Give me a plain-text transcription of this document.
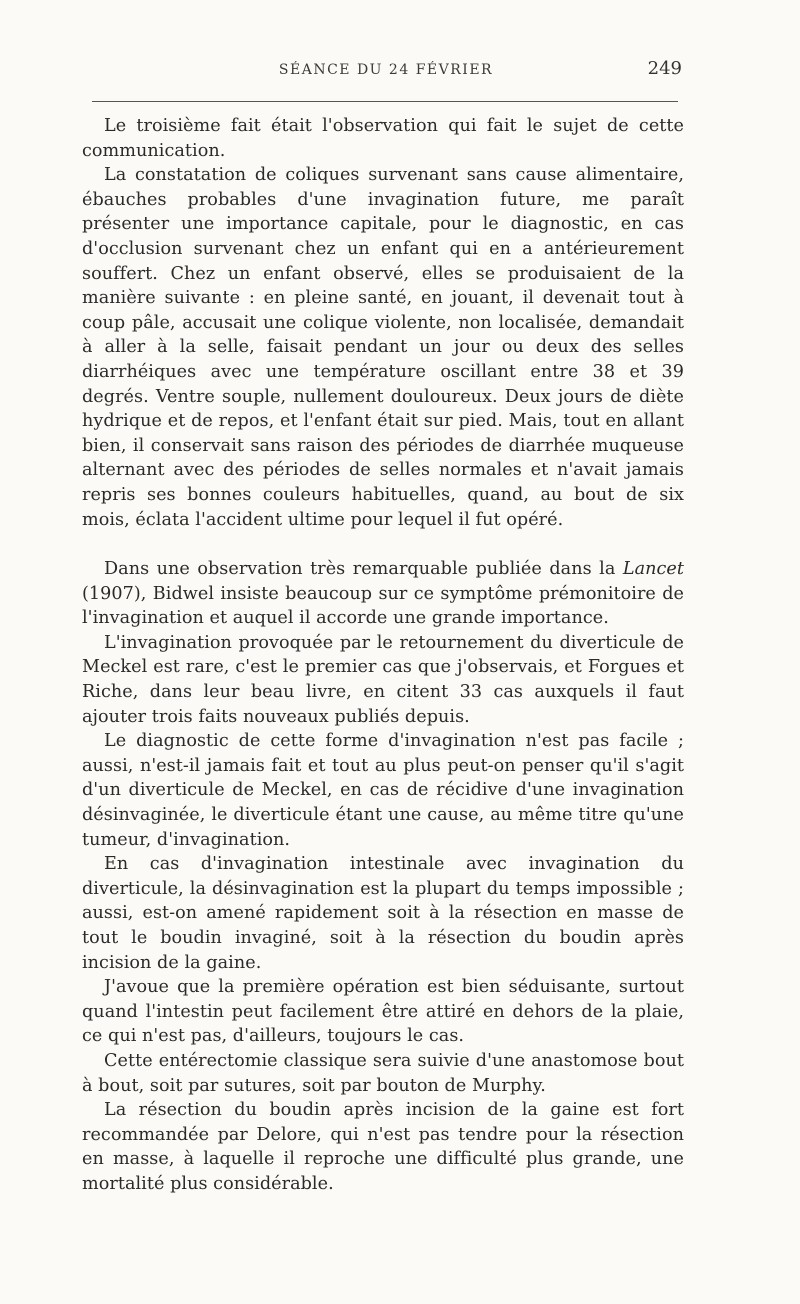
SÉANCE DU 24 FÉVRIER	249

Le troisième fait était l'observation qui fait le sujet de cette communication.

La constatation de coliques survenant sans cause alimentaire, ébauches probables d'une invagination future, me paraît présenter une importance capitale, pour le diagnostic, en cas d'occlusion survenant chez un enfant qui en a antérieurement souffert. Chez un enfant observé, elles se produisaient de la manière suivante : en pleine santé, en jouant, il devenait tout à coup pâle, accusait une colique violente, non localisée, demandait à aller à la selle, faisait pendant un jour ou deux des selles diarrhéiques avec une température oscillant entre 38 et 39 degrés. Ventre souple, nullement douloureux. Deux jours de diète hydrique et de repos, et l'enfant était sur pied. Mais, tout en allant bien, il conservait sans raison des périodes de diarrhée muqueuse alternant avec des périodes de selles normales et n'avait jamais repris ses bonnes couleurs habituelles, quand, au bout de six mois, éclata l'accident ultime pour lequel il fut opéré.

Dans une observation très remarquable publiée dans la Lancet (1907), Bidwel insiste beaucoup sur ce symptôme prémonitoire de l'invagination et auquel il accorde une grande importance.

L'invagination provoquée par le retournement du diverticule de Meckel est rare, c'est le premier cas que j'observais, et Forgues et Riche, dans leur beau livre, en citent 33 cas auxquels il faut ajouter trois faits nouveaux publiés depuis.

Le diagnostic de cette forme d'invagination n'est pas facile ; aussi, n'est-il jamais fait et tout au plus peut-on penser qu'il s'agit d'un diverticule de Meckel, en cas de récidive d'une invagination désinvaginée, le diverticule étant une cause, au même titre qu'une tumeur, d'invagination.

En cas d'invagination intestinale avec invagination du diverticule, la désinvagination est la plupart du temps impossible ; aussi, est-on amené rapidement soit à la résection en masse de tout le boudin invaginé, soit à la résection du boudin après incision de la gaine.

J'avoue que la première opération est bien séduisante, surtout quand l'intestin peut facilement être attiré en dehors de la plaie, ce qui n'est pas, d'ailleurs, toujours le cas.

Cette entérectomie classique sera suivie d'une anastomose bout à bout, soit par sutures, soit par bouton de Murphy.

La résection du boudin après incision de la gaine est fort recommandée par Delore, qui n'est pas tendre pour la résection en masse, à laquelle il reproche une difficulté plus grande, une mortalité plus considérable.
